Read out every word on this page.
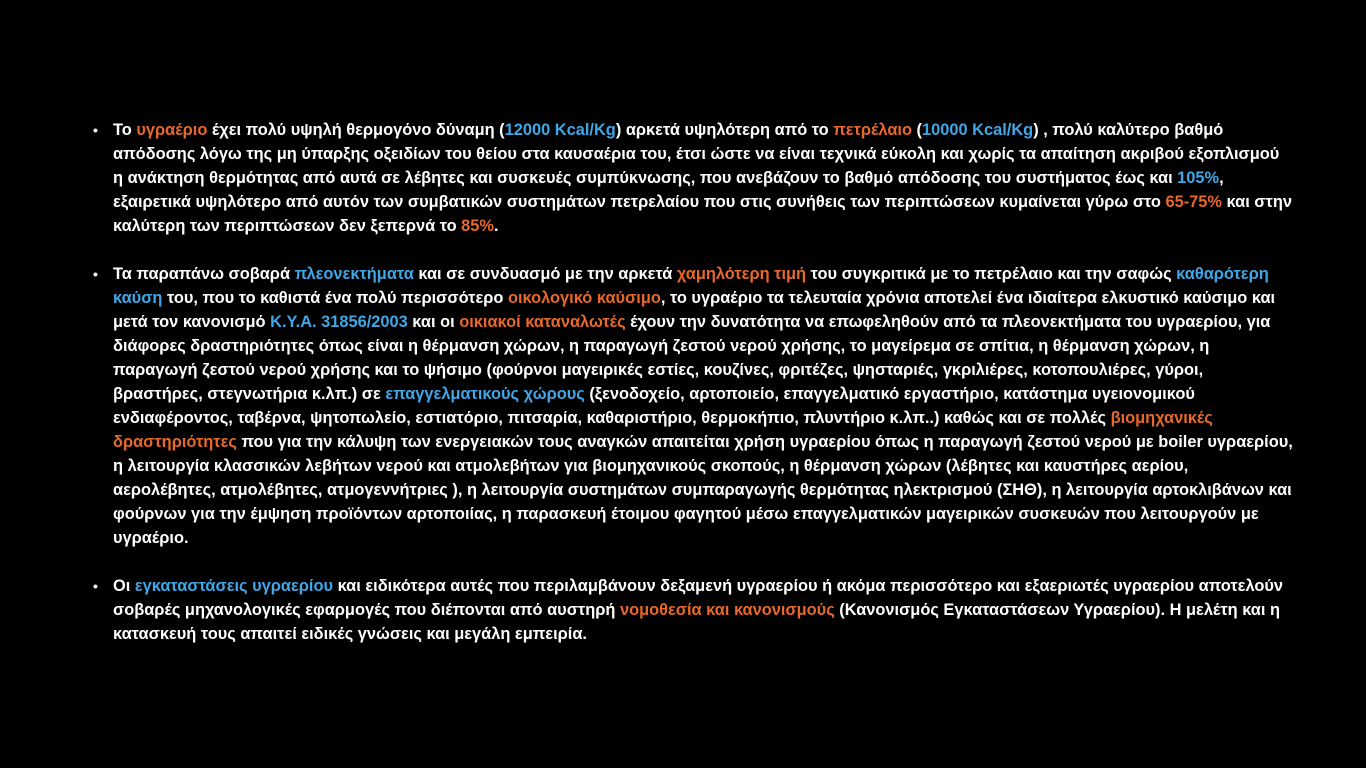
• Το υγραέριο έχει πολύ υψηλή θερμογόνο δύναμη (12000 Kcal/Kg) αρκετά υψηλότερη από το πετρέλαιο (10000 Kcal/Kg) , πολύ καλύτερο βαθμό απόδοσης λόγω της μη ύπαρξης οξειδίων του θείου στα καυσαέρια του, έτσι ώστε να είναι τεχνικά εύκολη και χωρίς τα απαίτηση ακριβού εξοπλισμού η ανάκτηση θερμότητας από αυτά σε λέβητες και συσκευές συμπύκνωσης, που ανεβάζουν το βαθμό απόδοσης του συστήματος έως και 105%, εξαιρετικά υψηλότερο από αυτόν των συμβατικών συστημάτων πετρελαίου που στις συνήθεις των περιπτώσεων κυμαίνεται γύρω στο 65-75% και στην καλύτερη των περιπτώσεων δεν ξεπερνά το 85%.
• Τα παραπάνω σοβαρά πλεονεκτήματα και σε συνδυασμό με την αρκετά χαμηλότερη τιμή του συγκριτικά με το πετρέλαιο και την σαφώς καθαρότερη καύση του, που το καθιστά ένα πολύ περισσότερο οικολογικό καύσιμο, το υγραέριο τα τελευταία χρόνια αποτελεί ένα ιδιαίτερα ελκυστικό καύσιμο και μετά τον κανονισμό Κ.Υ.Α. 31856/2003 και οι οικιακοί καταναλωτές έχουν την δυνατότητα να επωφεληθούν από τα πλεονεκτήματα του υγραερίου, για διάφορες δραστηριότητες όπως είναι η θέρμανση χώρων, η παραγωγή ζεστού νερού χρήσης, το μαγείρεμα σε σπίτια, η θέρμανση χώρων, η παραγωγή ζεστού νερού χρήσης και το ψήσιμο (φούρνοι μαγειρικές εστίες, κουζίνες, φριτέζες, ψησταριές, γκριλιέρες, κοτοπουλιέρες, γύροι, βραστήρες, στεγνωτήρια κ.λπ.) σε επαγγελματικούς χώρους (ξενοδοχείο, αρτοποιείο, επαγγελματικό εργαστήριο, κατάστημα υγειονομικού ενδιαφέροντος, ταβέρνα, ψητοπωλείο, εστιατόριο, πιτσαρία, καθαριστήριο, θερμοκήπιο, πλυντήριο κ.λπ..) καθώς και σε πολλές βιομηχανικές δραστηριότητες που για την κάλυψη των ενεργειακών τους αναγκών απαιτείται χρήση υγραερίου όπως η παραγωγή ζεστού νερού με boiler υγραερίου, η λειτουργία κλασσικών λεβήτων νερού και ατμολεβήτων για βιομηχανικούς σκοπούς, η θέρμανση χώρων (λέβητες και καυστήρες αερίου, αερολέβητες, ατμολέβητες, ατμογεννήτριες ), η λειτουργία συστημάτων συμπαραγωγής θερμότητας ηλεκτρισμού (ΣΗΘ), η λειτουργία αρτοκλιβάνων και φούρνων για την έμψηση προϊόντων αρτοποιίας, η παρασκευή έτοιμου φαγητού μέσω επαγγελματικών μαγειρικών συσκευών που λειτουργούν με υγραέριο.
• Οι εγκαταστάσεις υγραερίου και ειδικότερα αυτές που περιλαμβάνουν δεξαμενή υγραερίου ή ακόμα περισσότερο και εξαεριωτές υγραερίου αποτελούν σοβαρές μηχανολογικές εφαρμογές που διέπονται από αυστηρή νομοθεσία και κανονισμούς (Κανονισμός Εγκαταστάσεων Υγραερίου). Η μελέτη και η κατασκευή τους απαιτεί ειδικές γνώσεις και μεγάλη εμπειρία.
